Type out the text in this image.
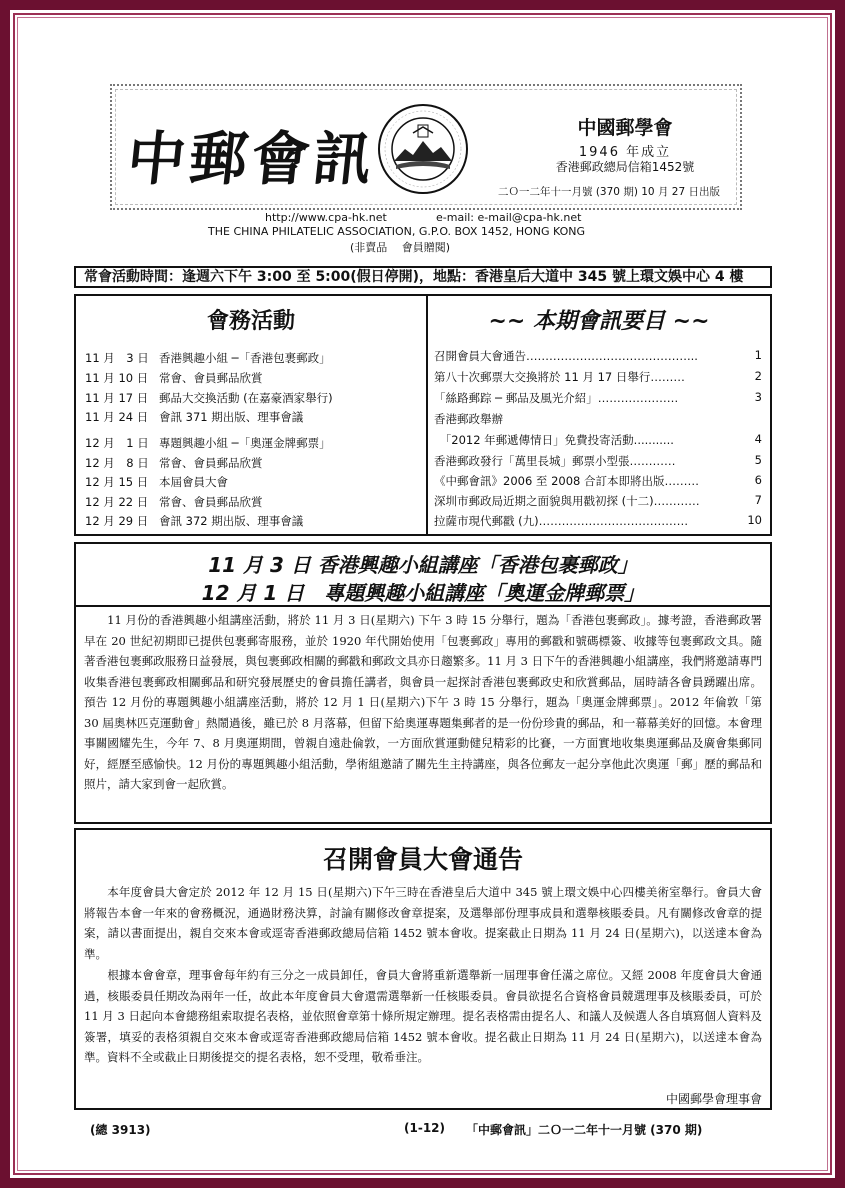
中郵會訊	中國郵學會
1946 年成立
香港郵政總局信箱1452號
二Ｏ一二年十一月號 (370 期) 10 月 27 日出版
http://www.cpa-hk.net	e-mail: e-mail@cpa-hk.net
THE CHINA PHILATELIC ASSOCIATION, G.P.O. BOX 1452, HONG KONG
(非賣品　 會員贈閱)
常會活動時間：逢週六下午 3:00 至 5:00(假日停開)，地點：香港皇后大道中 345 號上環文娛中心 4 樓
會務活動
11 月　3 日 香港興趣小組 ─「香港包裹郵政」
11 月 10 日 常會、會員郵品欣賞
11 月 17 日 郵品大交換活動 (在嘉豪酒家舉行)
11 月 24 日 會訊 371 期出版、理事會議
12 月　1 日 專題興趣小組 ─「奧運金牌郵票」
12 月　8 日 常會、會員郵品欣賞
12 月 15 日 本屆會員大會
12 月 22 日 常會、會員郵品欣賞
12 月 29 日 會訊 372 期出版、理事會議
~~ 本期會訊要目 ~~
召開會員大會通告……………………………………...	1
第八十次郵票大交換將於 11 月 17 日舉行………	2
「絲路郵踪 ─ 郵品及風光介紹」…………………	3
香港郵政舉辦
　「2012 年郵遞傳情日」免費投寄活動...........	4
香港郵政發行「萬里長城」郵票小型張…………	5
《中郵會訊》2006 至 2008 合訂本即將出版………	6
深圳市郵政局近期之面貌與用戳初探 (十二)…………	7
拉薩市現代郵戳 (九)…………………………………	10
11 月 3 日 香港興趣小組講座「香港包裹郵政」
12 月 1 日　專題興趣小組講座「奧運金牌郵票」
　　11 月份的香港興趣小組講座活動，將於 11 月 3 日(星期六) 下午 3 時 15 分舉行，題為「香港包裹郵政」。據考證，香港郵政署早在 20 世紀初期即已提供包裹郵寄服務，並於 1920 年代開始使用「包裹郵政」專用的郵戳和號碼標簽、收據等包裹郵政文具。隨著香港包裹郵政服務日益發展，與包裹郵政相關的郵戳和郵政文具亦日趨繁多。11 月 3 日下午的香港興趣小組講座，我們將邀請專門收集香港包裹郵政相關郵品和研究發展歷史的會員擔任講者，與會員一起探討香港包裹郵政史和欣賞郵品，屆時請各會員踴躍出席。預告 12 月份的專題興趣小組講座活動，將於 12 月 1 日(星期六)下午 3 時 15 分舉行，題為「奧運金牌郵票」。2012 年倫敦「第 30 屆奧林匹克運動會」熱鬧過後，雖已於 8 月落幕，但留下給奧運專題集郵者的是一份份珍貴的郵品，和一幕幕美好的回憶。本會理事關國耀先生，今年 7、8 月奧運期間，曾親自遠赴倫敦，一方面欣賞運動健兒精彩的比賽，一方面實地收集奧運郵品及廣會集郵同好，經歷至感愉快。12 月份的專題興趣小組活動，學術組邀請了關先生主持講座，與各位郵友一起分享他此次奧運「郵」歷的郵品和照片，請大家到會一起欣賞。
召開會員大會通告
　　本年度會員大會定於 2012 年 12 月 15 日(星期六)下午三時在香港皇后大道中 345 號上環文娛中心四樓美術室舉行。會員大會將報告本會一年來的會務概況，通過財務決算，討論有關修改會章提案，及選舉部份理事成員和選舉核賬委員。凡有關修改會章的提案，請以書面提出，親自交來本會或逕寄香港郵政總局信箱 1452 號本會收。提案截止日期為 11 月 24 日(星期六)，以送達本會為準。
　　根據本會會章，理事會每年約有三分之一成員卸任，會員大會將重新選舉新一屆理事會任滿之席位。又經 2008 年度會員大會通過，核賬委員任期改為兩年一任，故此本年度會員大會還需選舉新一任核賬委員。會員欲提名合資格會員競選理事及核賬委員，可於 11 月 3 日起向本會總務組索取提名表格，並依照會章第十條所規定辦理。提名表格需由提名人、和議人及候選人各自填寫個人資料及簽署，填妥的表格須親自交來本會或逕寄香港郵政總局信箱 1452 號本會收。提名截止日期為 11 月 24 日(星期六)，以送達本會為準。資料不全或截止日期後提交的提名表格，恕不受理，敬希垂注。
中國郵學會理事會
(總 3913)	(1-12) 「中郵會訊」二Ｏ一二年十一月號 (370 期)
